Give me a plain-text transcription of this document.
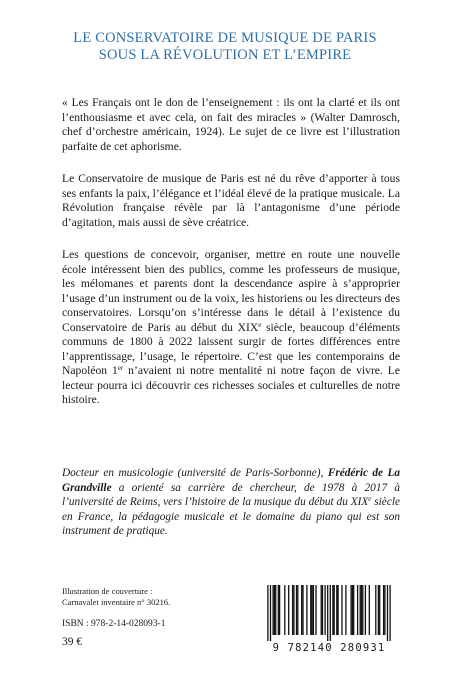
LE CONSERVATOIRE DE MUSIQUE DE PARIS
SOUS LA RÉVOLUTION ET L’EMPIRE

« Les Français ont le don de l’enseignement : ils ont la clarté et ils ont l’enthousiasme et avec cela, on fait des miracles » (Walter Damrosch, chef d’orchestre américain, 1924). Le sujet de ce livre est l’illustration parfaite de cet aphorisme.

Le Conservatoire de musique de Paris est né du rêve d’apporter à tous ses enfants la paix, l’élégance et l’idéal élevé de la pratique musicale. La Révolution française révèle par là l’antagonisme d’une période d’agitation, mais aussi de sève créatrice.

Les questions de concevoir, organiser, mettre en route une nouvelle école intéressent bien des publics, comme les professeurs de musique, les mélomanes et parents dont la descendance aspire à s’approprier l’usage d’un instrument ou de la voix, les historiens ou les directeurs des conservatoires. Lorsqu’on s’intéresse dans le détail à l’existence du Conservatoire de Paris au début du XIXe siècle, beaucoup d’éléments communs de 1800 à 2022 laissent surgir de fortes différences entre l’apprentissage, l’usage, le répertoire. C’est que les contemporains de Napoléon 1er n’avaient ni notre mentalité ni notre façon de vivre. Le lecteur pourra ici découvrir ces richesses sociales et culturelles de notre histoire.

Docteur en musicologie (université de Paris-Sorbonne), Frédéric de La Grandville a orienté sa carrière de chercheur, de 1978 à 2017 à l’université de Reims, vers l’histoire de la musique du début du XIXe siècle en France, la pédagogie musicale et le domaine du piano qui est son instrument de pratique.
Illustration de couverture :
Carnavalet inventaire n° 30216.
ISBN : 978-2-14-028093-1
39 €	9 782140 280931
